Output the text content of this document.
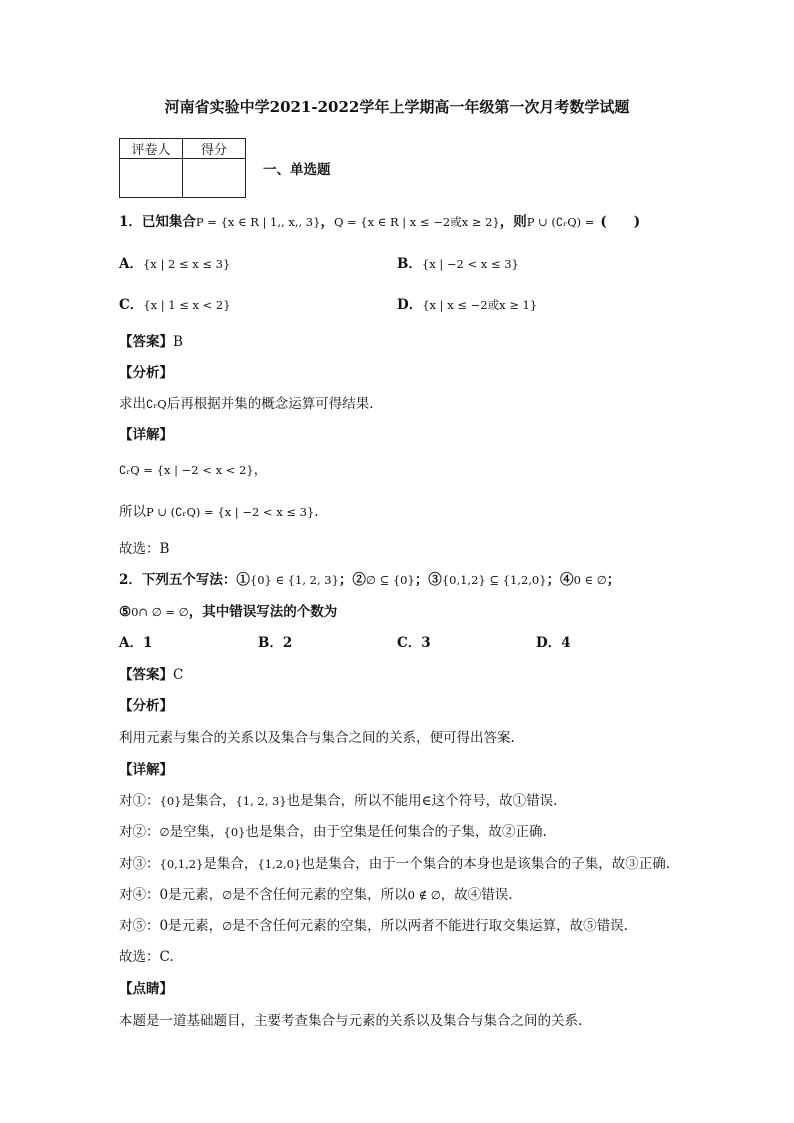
河南省实验中学2021-2022学年上学期高一年级第一次月考数学试题
评卷人	得分

一、单选题
1．已知集合P = {x ∈ R | 1,, x,, 3}，Q = {x ∈ R | x ≤ −2或x ≥ 2}，则P ∪ (∁ᵣQ) = (　　)
A．{x | 2 ≤ x ≤ 3}	B．{x | −2 < x ≤ 3}
C．{x | 1 ≤ x < 2}	D．{x | x ≤ −2或x ≥ 1}
【答案】B
【分析】
求出∁ᵣQ后再根据并集的概念运算可得结果.
【详解】
∁ᵣQ = {x | −2 < x < 2}，
所以P ∪ (∁ᵣQ) = {x | −2 < x ≤ 3}.
故选：B
2．下列五个写法：①{0} ∈ {1, 2, 3}；②∅ ⊆ {0}；③{0,1,2} ⊆ {1,2,0}；④0 ∈ ∅；
⑤0∩ ∅ = ∅，其中错误写法的个数为
A．1	B．2	C．3	D．4
【答案】C
【分析】
利用元素与集合的关系以及集合与集合之间的关系，便可得出答案.
【详解】
对①：{0}是集合，{1, 2, 3}也是集合，所以不能用∈这个符号，故①错误.
对②：∅是空集，{0}也是集合，由于空集是任何集合的子集，故②正确.
对③：{0,1,2}是集合，{1,2,0}也是集合，由于一个集合的本身也是该集合的子集，故③正确.
对④：0是元素，∅是不含任何元素的空集，所以0 ∉ ∅，故④错误.
对⑤：0是元素，∅是不含任何元素的空集，所以两者不能进行取交集运算，故⑤错误.
故选：C.
【点睛】
本题是一道基础题目，主要考查集合与元素的关系以及集合与集合之间的关系.
